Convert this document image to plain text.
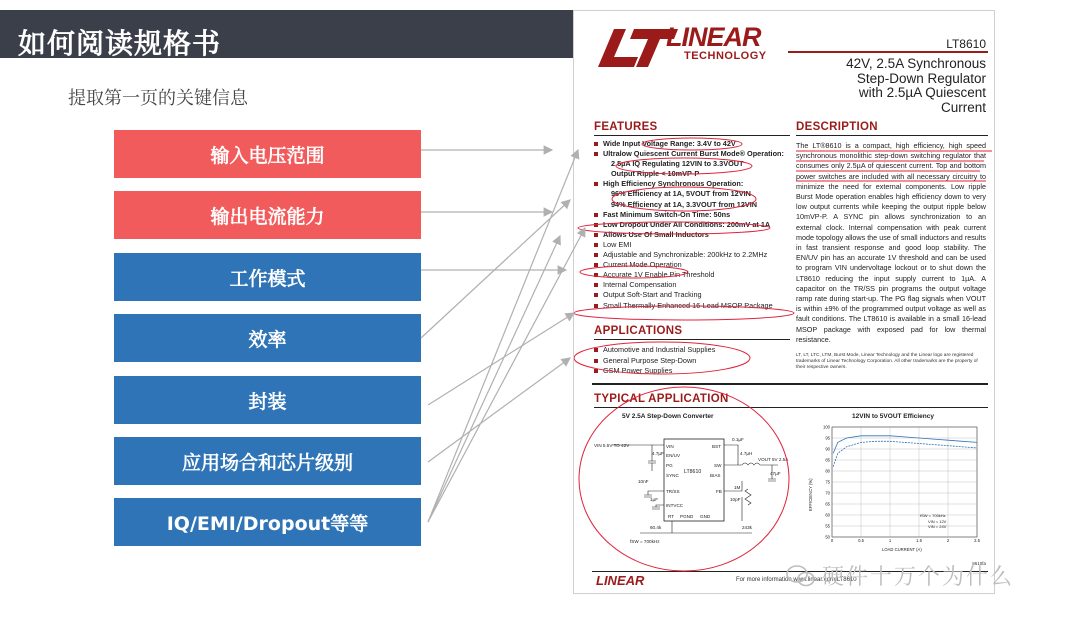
如何阅读规格书
提取第一页的关键信息
输入电压范围
输出电流能力
工作模式
效率
封装
应用场合和芯片级别
IQ/EMI/Dropout等等
LINEAR
TECHNOLOGY
LT8610
42V, 2.5A Synchronous
Step-Down Regulator
with 2.5µA Quiescent
Current
FEATURES
Wide Input Voltage Range: 3.4V to 42V
Ultralow Quiescent Current Burst Mode® Operation:
2.5µA IQ Regulating 12VIN to 3.3VOUT
Output Ripple < 10mVP-P
High Efficiency Synchronous Operation:
96% Efficiency at 1A, 5VOUT from 12VIN
94% Efficiency at 1A, 3.3VOUT from 12VIN
Fast Minimum Switch-On Time: 50ns
Low Dropout Under All Conditions: 200mV at 1A
Allows Use Of Small Inductors
Low EMI
Adjustable and Synchronizable: 200kHz to 2.2MHz
Current Mode Operation
Accurate 1V Enable Pin Threshold
Internal Compensation
Output Soft-Start and Tracking
Small Thermally Enhanced 16-Lead MSOP Package
DESCRIPTION
The LT®8610 is a compact, high efficiency, high speed synchronous monolithic step-down switching regulator that consumes only 2.5µA of quiescent current. Top and bottom power switches are included with all necessary circuitry to minimize the need for external components. Low ripple Burst Mode operation enables high efficiency down to very low output currents while keeping the output ripple below 10mVP-P. A SYNC pin allows synchronization to an external clock. Internal compensation with peak current mode topology allows the use of small inductors and results in fast transient response and good loop stability. The EN/UV pin has an accurate 1V threshold and can be used to program VIN undervoltage lockout or to shut down the LT8610 reducing the input supply current to 1µA. A capacitor on the TR/SS pin programs the output voltage ramp rate during start-up. The PG flag signals when VOUT is within ±9% of the programmed output voltage as well as fault conditions. The LT8610 is available in a small 16-lead MSOP package with exposed pad for low thermal resistance.
LT, LT, LTC, LTM, Burst Mode, Linear Technology and the Linear logo are registered trademarks of Linear Technology Corporation. All other trademarks are the property of their respective owners.
APPLICATIONS
Automotive and Industrial Supplies
General Purpose Step-Down
GSM Power Supplies
TYPICAL APPLICATION
5V 2.5A Step-Down Converter	12VIN to 5VOUT Efficiency
LT8610
VIN
EN/UV
PG
SYNC
TR/SS
INTVCC
RT
BST
SW
BIAS
FB
PGND GND
VIN 5.5V TO 42V
VOUT 5V 2.5A
fSW = 700kHz
4.7µF
0.1µF
4.7µH
47µF
10nF
1µF	10pF
1M
243k
60.4k
100
95
90
85
80
75
70
65
60
55
50
0	0.5	1	1.5	2	2.5
EFFICIENCY (%)
LOAD CURRENT (A)
fSW = 700kHz
VIN = 12V
VIN = 24V
LINEAR	For more information www.linear.com/LT8610
8610fa
硬件十万个为什么
